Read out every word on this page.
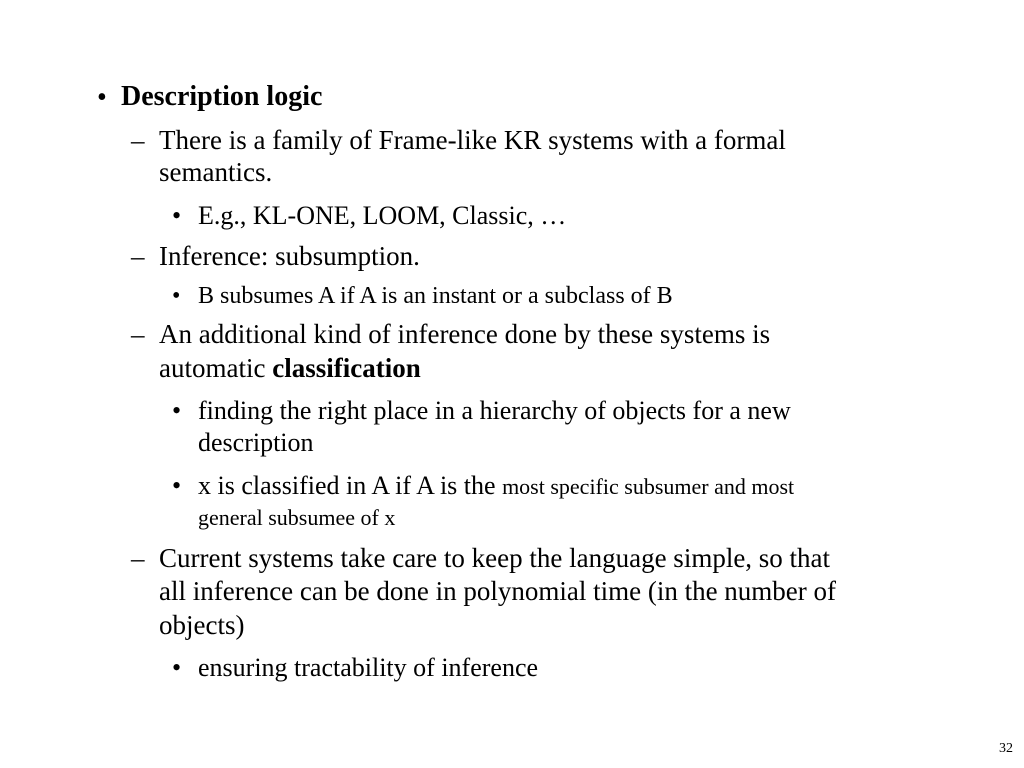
• Description logic
– There is a family of Frame-like KR systems with a formal
semantics.
• E.g., KL-ONE, LOOM, Classic, …
– Inference: subsumption.
• B subsumes A if A is an instant or a subclass of B
– An additional kind of inference done by these systems is
automatic classification
• finding the right place in a hierarchy of objects for a new
description
• x is classified in A if A is the most specific subsumer and most
general subsumee of x
– Current systems take care to keep the language simple, so that
all inference can be done in polynomial time (in the number of
objects)
• ensuring tractability of inference
32
